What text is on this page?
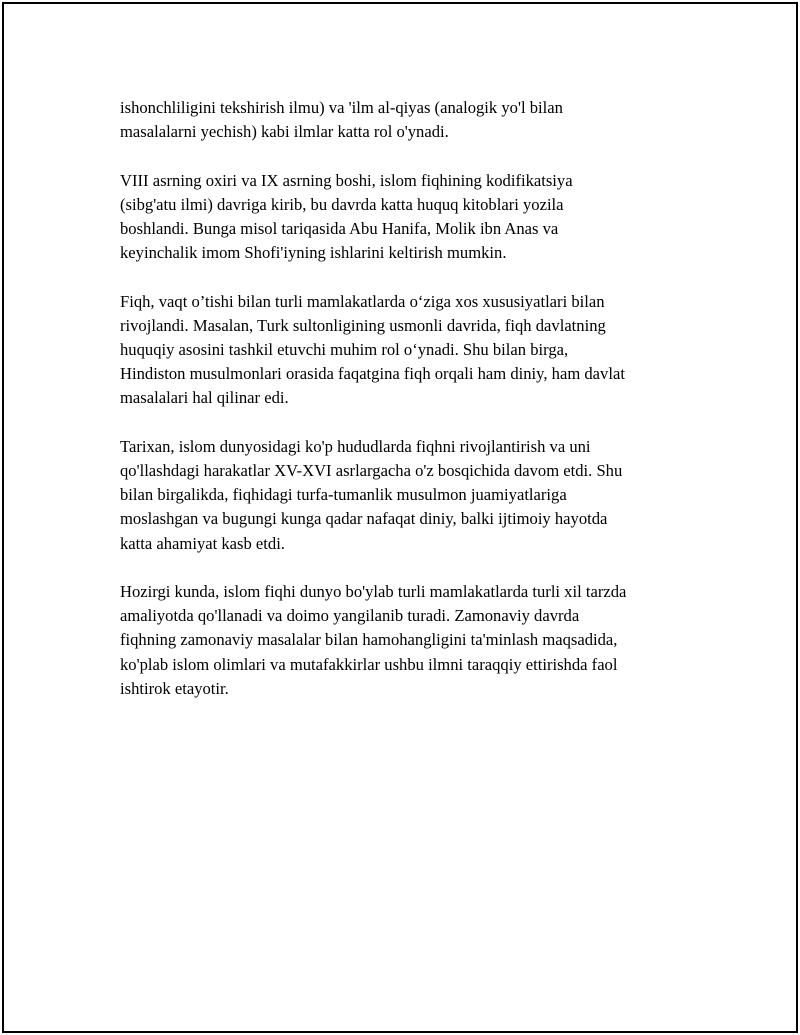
ishonchliligini tekshirish ilmu) va 'ilm al-qiyas (analogik yo'l bilan
masalalarni yechish) kabi ilmlar katta rol o'ynadi.

VIII asrning oxiri va IX asrning boshi, islom fiqhining kodifikatsiya
(sibg'atu ilmi) davriga kirib, bu davrda katta huquq kitoblari yozila
boshlandi. Bunga misol tariqasida Abu Hanifa, Molik ibn Anas va
keyinchalik imom Shofi'iyning ishlarini keltirish mumkin.

Fiqh, vaqt o’tishi bilan turli mamlakatlarda o‘ziga xos xususiyatlari bilan
rivojlandi. Masalan, Turk sultonligining usmonli davrida, fiqh davlatning
huquqiy asosini tashkil etuvchi muhim rol o‘ynadi. Shu bilan birga,
Hindiston musulmonlari orasida faqatgina fiqh orqali ham diniy, ham davlat
masalalari hal qilinar edi.

Tarixan, islom dunyosidagi ko'p hududlarda fiqhni rivojlantirish va uni
qo'llashdagi harakatlar XV-XVI asrlargacha o'z bosqichida davom etdi. Shu
bilan birgalikda, fiqhidagi turfa-tumanlik musulmon juamiyatlariga
moslashgan va bugungi kunga qadar nafaqat diniy, balki ijtimoiy hayotda
katta ahamiyat kasb etdi.

Hozirgi kunda, islom fiqhi dunyo bo'ylab turli mamlakatlarda turli xil tarzda
amaliyotda qo'llanadi va doimo yangilanib turadi. Zamonaviy davrda
fiqhning zamonaviy masalalar bilan hamohangligini ta'minlash maqsadida,
ko'plab islom olimlari va mutafakkirlar ushbu ilmni taraqqiy ettirishda faol
ishtirok etayotir.
